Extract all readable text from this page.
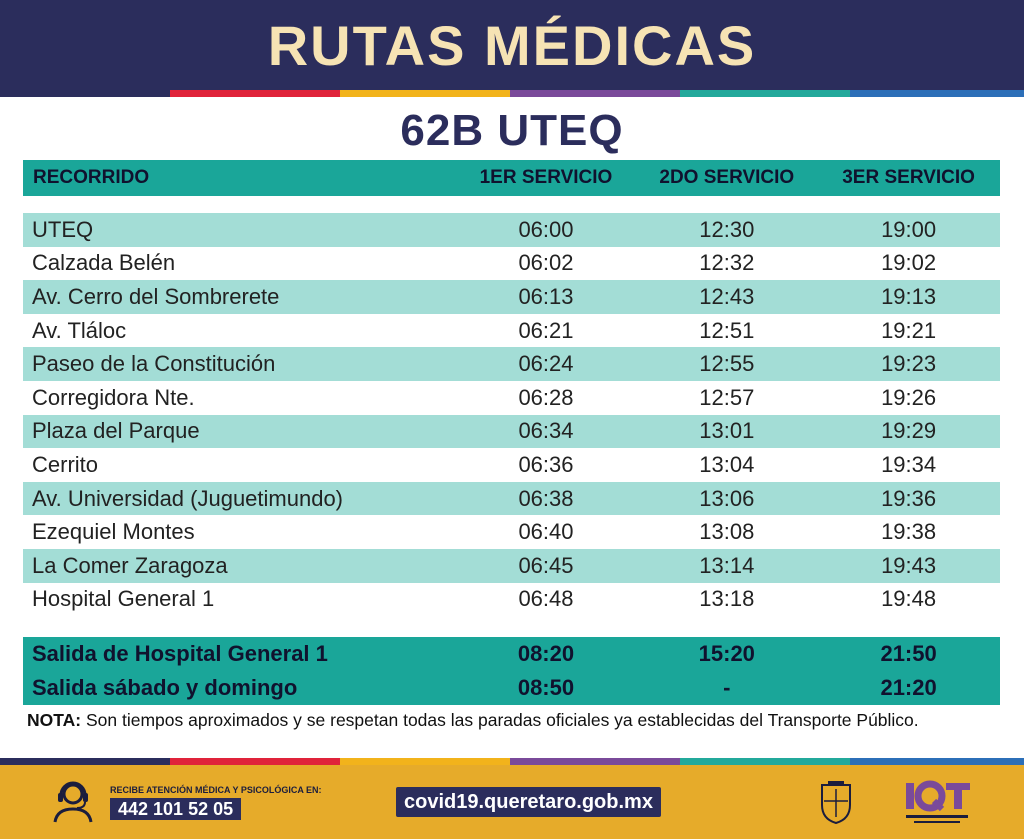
RUTAS MÉDICAS
62B UTEQ
RECORRIDO	1ER SERVICIO	2DO SERVICIO	3ER SERVICIO
UTEQ	06:00	12:30	19:00
Calzada Belén	06:02	12:32	19:02
Av. Cerro del Sombrerete	06:13	12:43	19:13
Av. Tláloc	06:21	12:51	19:21
Paseo de la Constitución	06:24	12:55	19:23
Corregidora Nte.	06:28	12:57	19:26
Plaza del Parque	06:34	13:01	19:29
Cerrito	06:36	13:04	19:34
Av. Universidad (Juguetimundo)	06:38	13:06	19:36
Ezequiel Montes	06:40	13:08	19:38
La Comer Zaragoza	06:45	13:14	19:43
Hospital General 1	06:48	13:18	19:48
Salida de Hospital General 1	08:20	15:20	21:50
Salida sábado y domingo	08:50	-	21:20
NOTA: Son tiempos aproximados y se respetan todas las paradas oficiales ya establecidas del Transporte Público.
RECIBE ATENCIÓN MÉDICA Y PSICOLÓGICA EN:
442 101 52 05	covid19.queretaro.gob.mx
